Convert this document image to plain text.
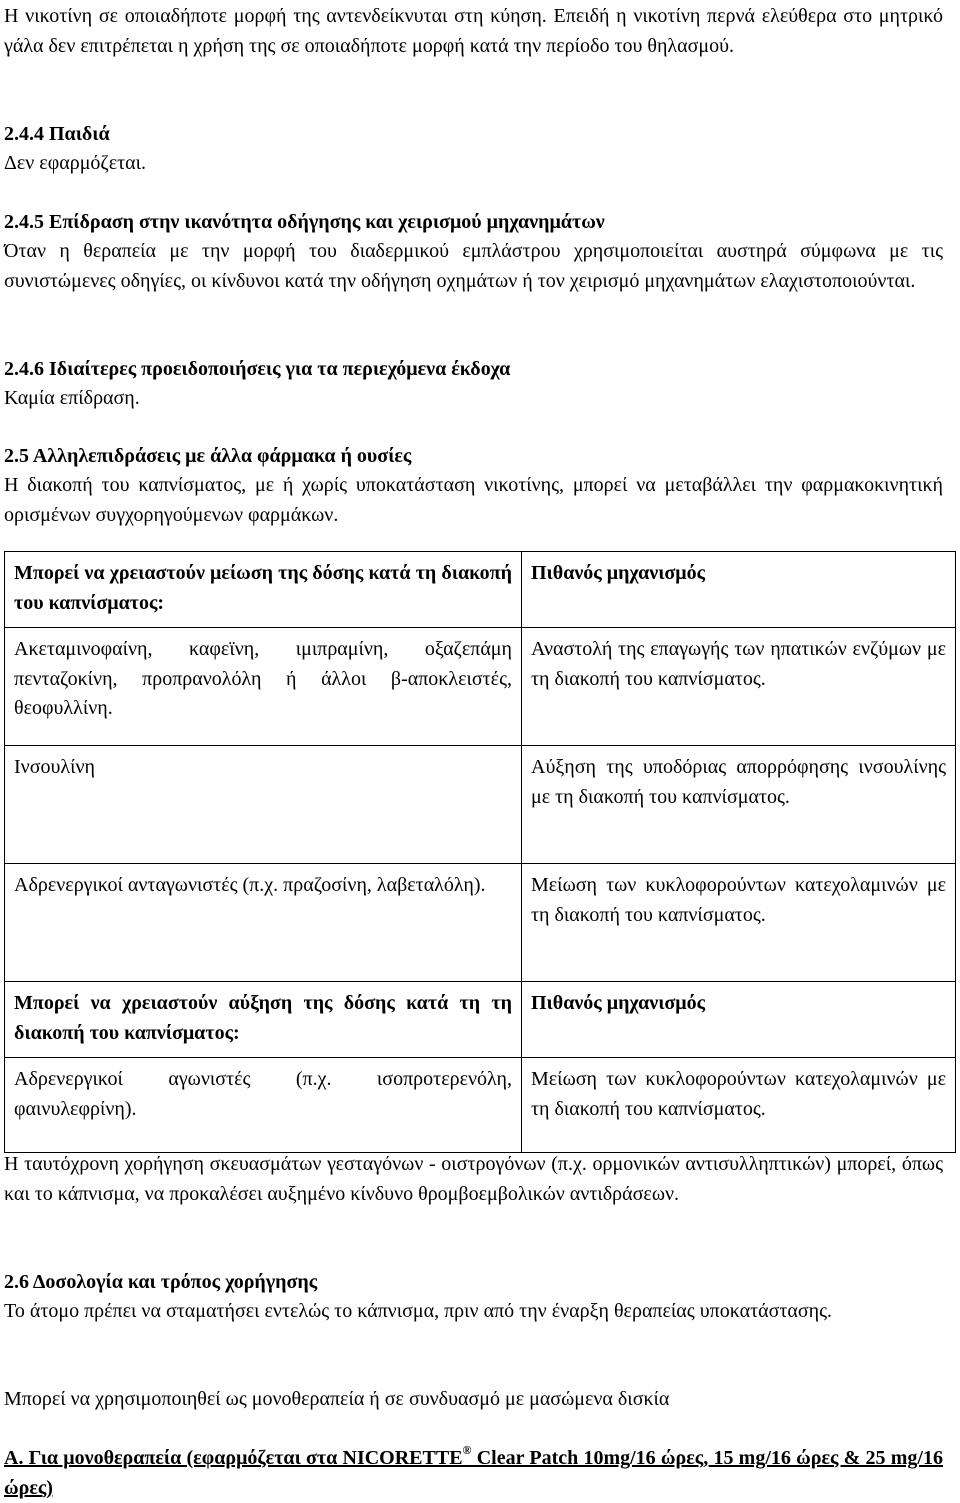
Η νικοτίνη σε οποιαδήποτε μορφή της αντενδείκνυται στη κύηση. Επειδή η νικοτίνη περνά ελεύθερα στο μητρικό γάλα δεν επιτρέπεται η χρήση της σε οποιαδήποτε μορφή κατά την περίοδο του θηλασμού.

2.4.4 Παιδιά

Δεν εφαρμόζεται.

2.4.5 Επίδραση στην ικανότητα οδήγησης και χειρισμού μηχανημάτων

Όταν η θεραπεία με την μορφή του διαδερμικού εμπλάστρου χρησιμοποιείται αυστηρά σύμφωνα με τις συνιστώμενες οδηγίες, οι κίνδυνοι κατά την οδήγηση οχημάτων ή τον χειρισμό μηχανημάτων ελαχιστοποιούνται.

2.4.6 Ιδιαίτερες προειδοποιήσεις για τα περιεχόμενα έκδοχα

Καμία επίδραση.

2.5 Αλληλεπιδράσεις με άλλα φάρμακα ή ουσίες

Η διακοπή του καπνίσματος, με ή χωρίς υποκατάσταση νικοτίνης, μπορεί να μεταβάλλει την φαρμακοκινητική ορισμένων συγχορηγούμενων φαρμάκων.

Μπορεί να χρειαστούν μείωση της δόσης κατά τη διακοπή του καπνίσματος:	Πιθανός μηχανισμός
Ακεταμινοφαίνη, καφεϊνη, ιμιπραμίνη, οξαζεπάμη πενταζοκίνη, προπρανολόλη ή άλλοι β-αποκλειστές, θεοφυλλίνη.	Αναστολή της επαγωγής των ηπατικών ενζύμων με τη διακοπή του καπνίσματος.
Ινσουλίνη	Αύξηση της υποδόριας απορρόφησης ινσουλίνης με τη διακοπή του καπνίσματος.
Αδρενεργικοί ανταγωνιστές (π.χ. πραζοσίνη, λαβεταλόλη).	Μείωση των κυκλοφορούντων κατεχολαμινών με τη διακοπή του καπνίσματος.
Μπορεί να χρειαστούν αύξηση της δόσης κατά τη τη διακοπή του καπνίσματος:	Πιθανός μηχανισμός
Αδρενεργικοί αγωνιστές (π.χ. ισοπροτερενόλη, φαινυλεφρίνη).	Μείωση των κυκλοφορούντων κατεχολαμινών με τη διακοπή του καπνίσματος.

Η ταυτόχρονη χορήγηση σκευασμάτων γεσταγόνων - οιστρογόνων (π.χ. ορμονικών αντισυλληπτικών) μπορεί, όπως και το κάπνισμα, να προκαλέσει αυξημένο κίνδυνο θρομβοεμβολικών αντιδράσεων.

2.6 Δοσολογία και τρόπος χορήγησης

Το άτομο πρέπει να σταματήσει εντελώς το κάπνισμα, πριν από την έναρξη θεραπείας υποκατάστασης.

Μπορεί να χρησιμοποιηθεί ως μονοθεραπεία ή σε συνδυασμό με μασώμενα δισκία

A. Για μονοθεραπεία (εφαρμόζεται στα NICORETTE® Clear Patch 10mg/16 ώρες, 15 mg/16 ώρες & 25 mg/16 ώρες)
